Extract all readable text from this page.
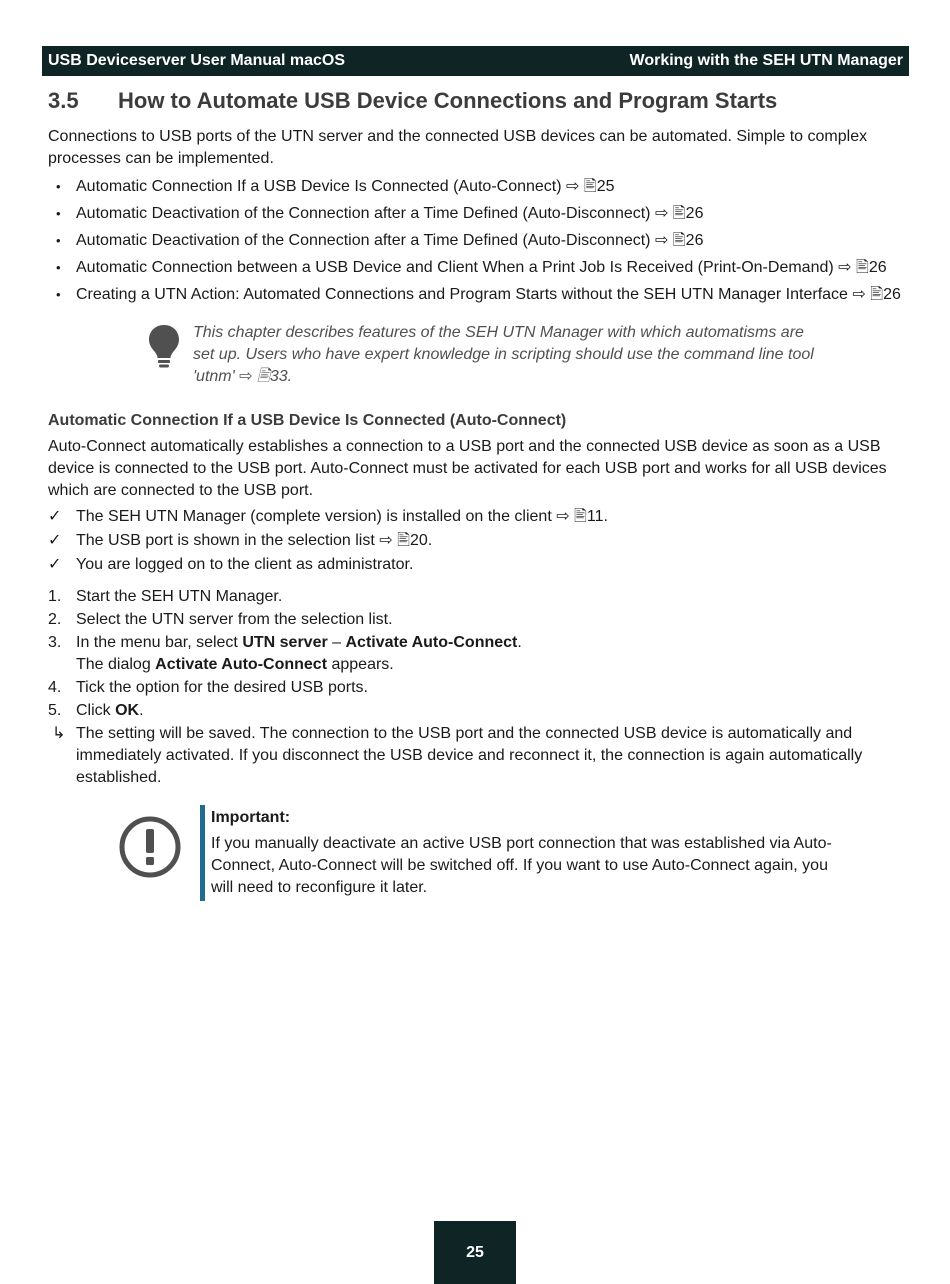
USB Deviceserver User Manual macOS	Working with the SEH UTN Manager
3.5	How to Automate USB Device Connections and Program Starts

Connections to USB ports of the UTN server and the connected USB devices can be automated. Simple to complex processes can be implemented.

• Automatic Connection If a USB Device Is Connected (Auto-Connect) ⇨ 🖹25
• Automatic Deactivation of the Connection after a Time Defined (Auto-Disconnect) ⇨ 🖹26
• Automatic Deactivation of the Connection after a Time Defined (Auto-Disconnect) ⇨ 🖹26
• Automatic Connection between a USB Device and Client When a Print Job Is Received (Print-On-Demand) ⇨ 🖹26
• Creating a UTN Action: Automated Connections and Program Starts without the SEH UTN Manager Interface ⇨ 🖹26

This chapter describes features of the SEH UTN Manager with which automatisms are set up. Users who have expert knowledge in scripting should use the command line tool 'utnm' ⇨ 🖹33.

Automatic Connection If a USB Device Is Connected (Auto-Connect)

Auto-Connect automatically establishes a connection to a USB port and the connected USB device as soon as a USB device is connected to the USB port. Auto-Connect must be activated for each USB port and works for all USB devices which are connected to the USB port.

✓ The SEH UTN Manager (complete version) is installed on the client ⇨ 🖹11.
✓ The USB port is shown in the selection list ⇨ 🖹20.
✓ You are logged on to the client as administrator.
1. Start the SEH UTN Manager.
2. Select the UTN server from the selection list.
3. In the menu bar, select UTN server – Activate Auto-Connect.
The dialog Activate Auto-Connect appears.
4. Tick the option for the desired USB ports.
5. Click OK.
↳ The setting will be saved. The connection to the USB port and the connected USB device is automatically and immediately activated. If you disconnect the USB device and reconnect it, the connection is again automatically established.

Important:

If you manually deactivate an active USB port connection that was established via Auto-Connect, Auto-Connect will be switched off. If you want to use Auto-Connect again, you will need to reconfigure it later.

25
